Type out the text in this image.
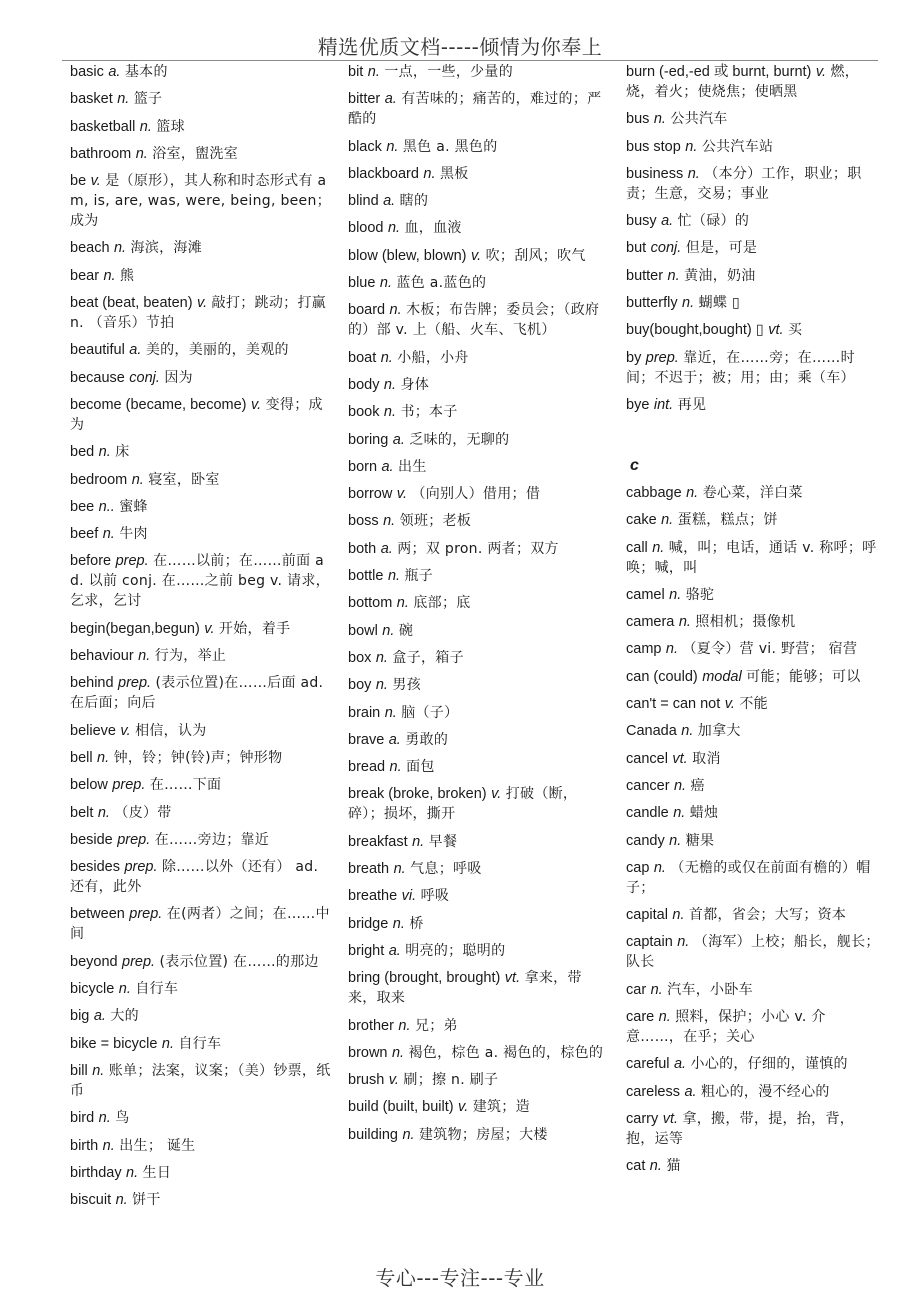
精选优质文档-----倾情为你奉上
basic a. 基本的
basket n. 篮子
basketball n. 篮球
bathroom n. 浴室，盥洗室
be v. 是（原形），其人称和时态形式有 am, is, are, was, were, being, been；成为
beach n. 海滨，海滩
bear n. 熊
beat (beat, beaten) v. 敲打；跳动；打赢 n. （音乐）节拍
beautiful a. 美的，美丽的，美观的
because conj. 因为
become (became, become) v. 变得；成为
bed n. 床
bedroom n. 寝室，卧室
bee n.. 蜜蜂
beef n. 牛肉
before prep. 在……以前；在……前面 ad. 以前 conj. 在……之前 beg v. 请求，乞求，乞讨
begin(began,begun) v. 开始，着手
behaviour n. 行为，举止
behind prep. (表示位置)在……后面 ad. 在后面；向后
believe v. 相信，认为
bell n. 钟，铃；钟(铃)声；钟形物
below prep. 在……下面
belt n. （皮）带
beside prep. 在……旁边；靠近
besides prep. 除……以外（还有） ad. 还有，此外
between prep. 在(两者）之间；在……中间
beyond prep. (表示位置) 在……的那边
bicycle n. 自行车
big a. 大的
bike = bicycle n. 自行车
bill n. 账单；法案，议案；（美）钞票，纸币
bird n. 鸟
birth n. 出生； 诞生
birthday n. 生日
biscuit n. 饼干
bit n. 一点，一些，少量的
bitter a. 有苦味的；痛苦的，难过的；严酷的
black n. 黑色 a. 黑色的
blackboard n. 黑板
blind a. 瞎的
blood n. 血，血液
blow (blew, blown) v. 吹；刮风；吹气
blue n. 蓝色 a.蓝色的
board n. 木板；布告牌；委员会；（政府的）部 v. 上（船、火车、飞机）
boat n. 小船，小舟
body n. 身体
book n. 书；本子
boring a. 乏味的，无聊的
born a. 出生
borrow v. （向别人）借用；借
boss n. 领班；老板
both a. 两；双 pron. 两者；双方
bottle n. 瓶子
bottom n. 底部；底
bowl n. 碗
box n. 盒子，箱子
boy n. 男孩
brain n. 脑（子）
brave a. 勇敢的
bread n. 面包
break (broke, broken) v. 打破（断，碎）；损坏，撕开
breakfast n. 早餐
breath n. 气息；呼吸
breathe vi. 呼吸
bridge n. 桥
bright a. 明亮的；聪明的
bring (brought, brought) vt. 拿来，带来，取来
brother n. 兄；弟
brown n. 褐色，棕色 a. 褐色的，棕色的
brush v. 刷；擦 n. 刷子
build (built, built) v. 建筑；造
building n. 建筑物；房屋；大楼
burn (-ed,-ed 或 burnt, burnt) v. 燃，烧，着火；使烧焦；使晒黑
bus n. 公共汽车
bus stop n. 公共汽车站
business n. （本分）工作，职业；职责；生意，交易；事业
busy a. 忙（碌）的
but conj. 但是，可是
butter n. 黄油，奶油
butterfly n. 蝴蝶 ▯
buy(bought,bought) ▯ vt. 买
by prep. 靠近，在……旁；在……时间；不迟于；被；用；由；乘（车）
bye int. 再见
c
cabbage n. 卷心菜，洋白菜
cake n. 蛋糕，糕点；饼
call n. 喊，叫；电话，通话 v. 称呼；呼唤；喊，叫
camel n. 骆驼
camera n. 照相机；摄像机
camp n. （夏令）营 vi. 野营； 宿营
can (could) modal 可能；能够；可以
can't = can not v. 不能
Canada n. 加拿大
cancel vt. 取消
cancer n. 癌
candle n. 蜡烛
candy n. 糖果
cap n. （无檐的或仅在前面有檐的）帽子；
capital n. 首都，省会；大写；资本
captain n. （海军）上校；船长，舰长；队长
car n. 汽车，小卧车
care n. 照料，保护；小心 v. 介意……，在乎；关心
careful a. 小心的，仔细的，谨慎的
careless a. 粗心的，漫不经心的
carry vt. 拿，搬，带，提，抬，背，抱，运等
cat n. 猫
专心---专注---专业
